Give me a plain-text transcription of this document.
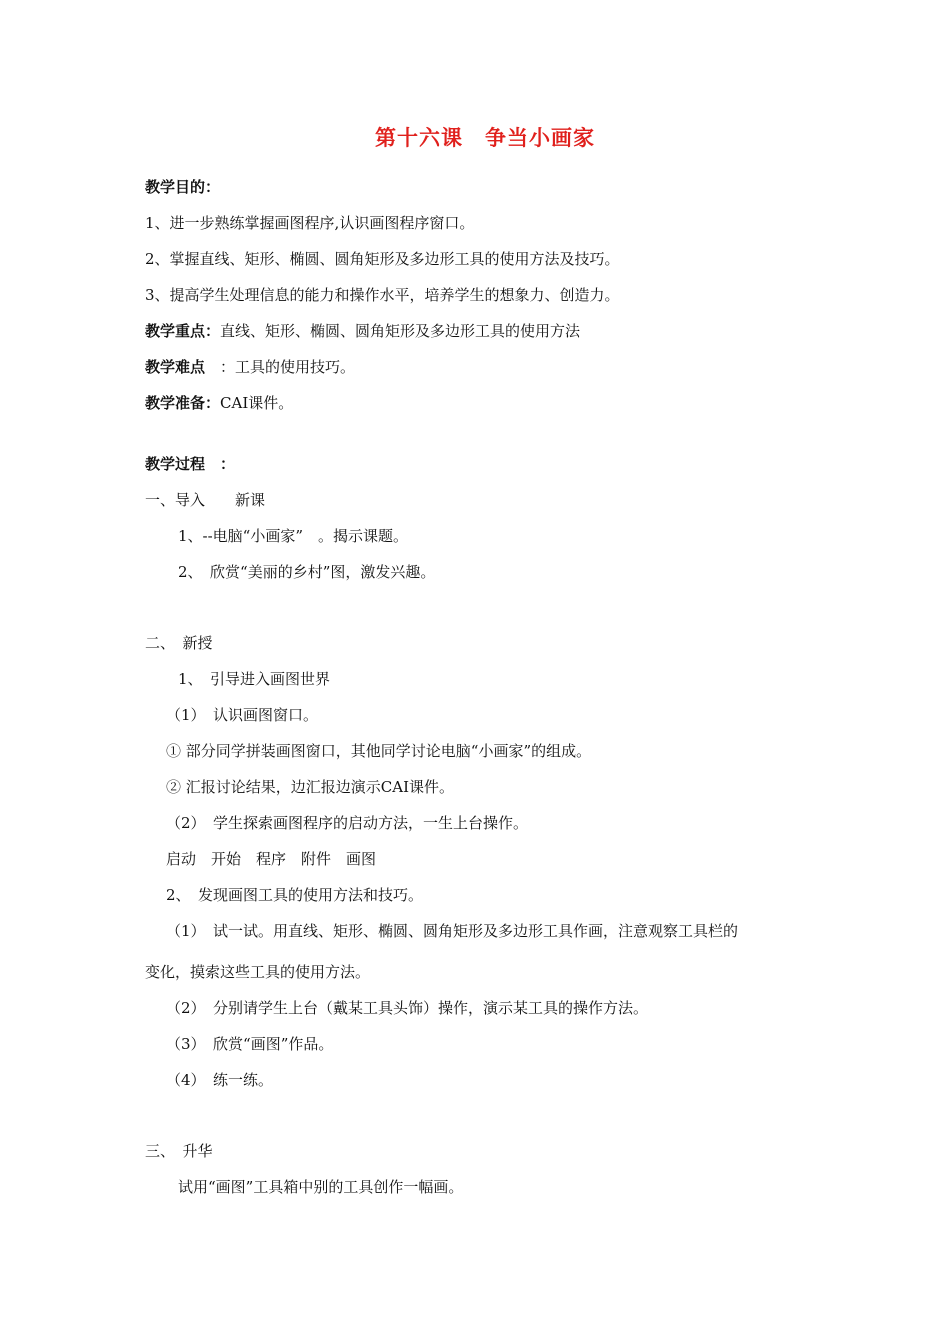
第十六课　争当小画家
教学目的：
1、进一步熟练掌握画图程序,认识画图程序窗口。
2、掌握直线、矩形、椭圆、圆角矩形及多边形工具的使用方法及技巧。
3、提高学生处理信息的能力和操作水平，培养学生的想象力、创造力。
教学重点：直线、矩形、椭圆、圆角矩形及多边形工具的使用方法
教学难点　：工具的使用技巧。
教学准备：CAI课件。
教学过程　：
一、导入　　新课
1、--电脑“小画家”　。揭示课题。
2、　欣赏“美丽的乡村”图，激发兴趣。
二、　新授
1、　引导进入画图世界
（1）　认识画图窗口。
① 部分同学拼装画图窗口，其他同学讨论电脑“小画家”的组成。
② 汇报讨论结果，边汇报边演示CAI课件。
（2）　学生探索画图程序的启动方法，一生上台操作。
启动　开始　程序　附件　画图
2、　发现画图工具的使用方法和技巧。
（1）　试一试。用直线、矩形、椭圆、圆角矩形及多边形工具作画，注意观察工具栏的
变化，摸索这些工具的使用方法。
（2）　分别请学生上台（戴某工具头饰）操作，演示某工具的操作方法。
（3）　欣赏“画图”作品。
（4）　练一练。
三、　升华
试用“画图”工具箱中别的工具创作一幅画。
